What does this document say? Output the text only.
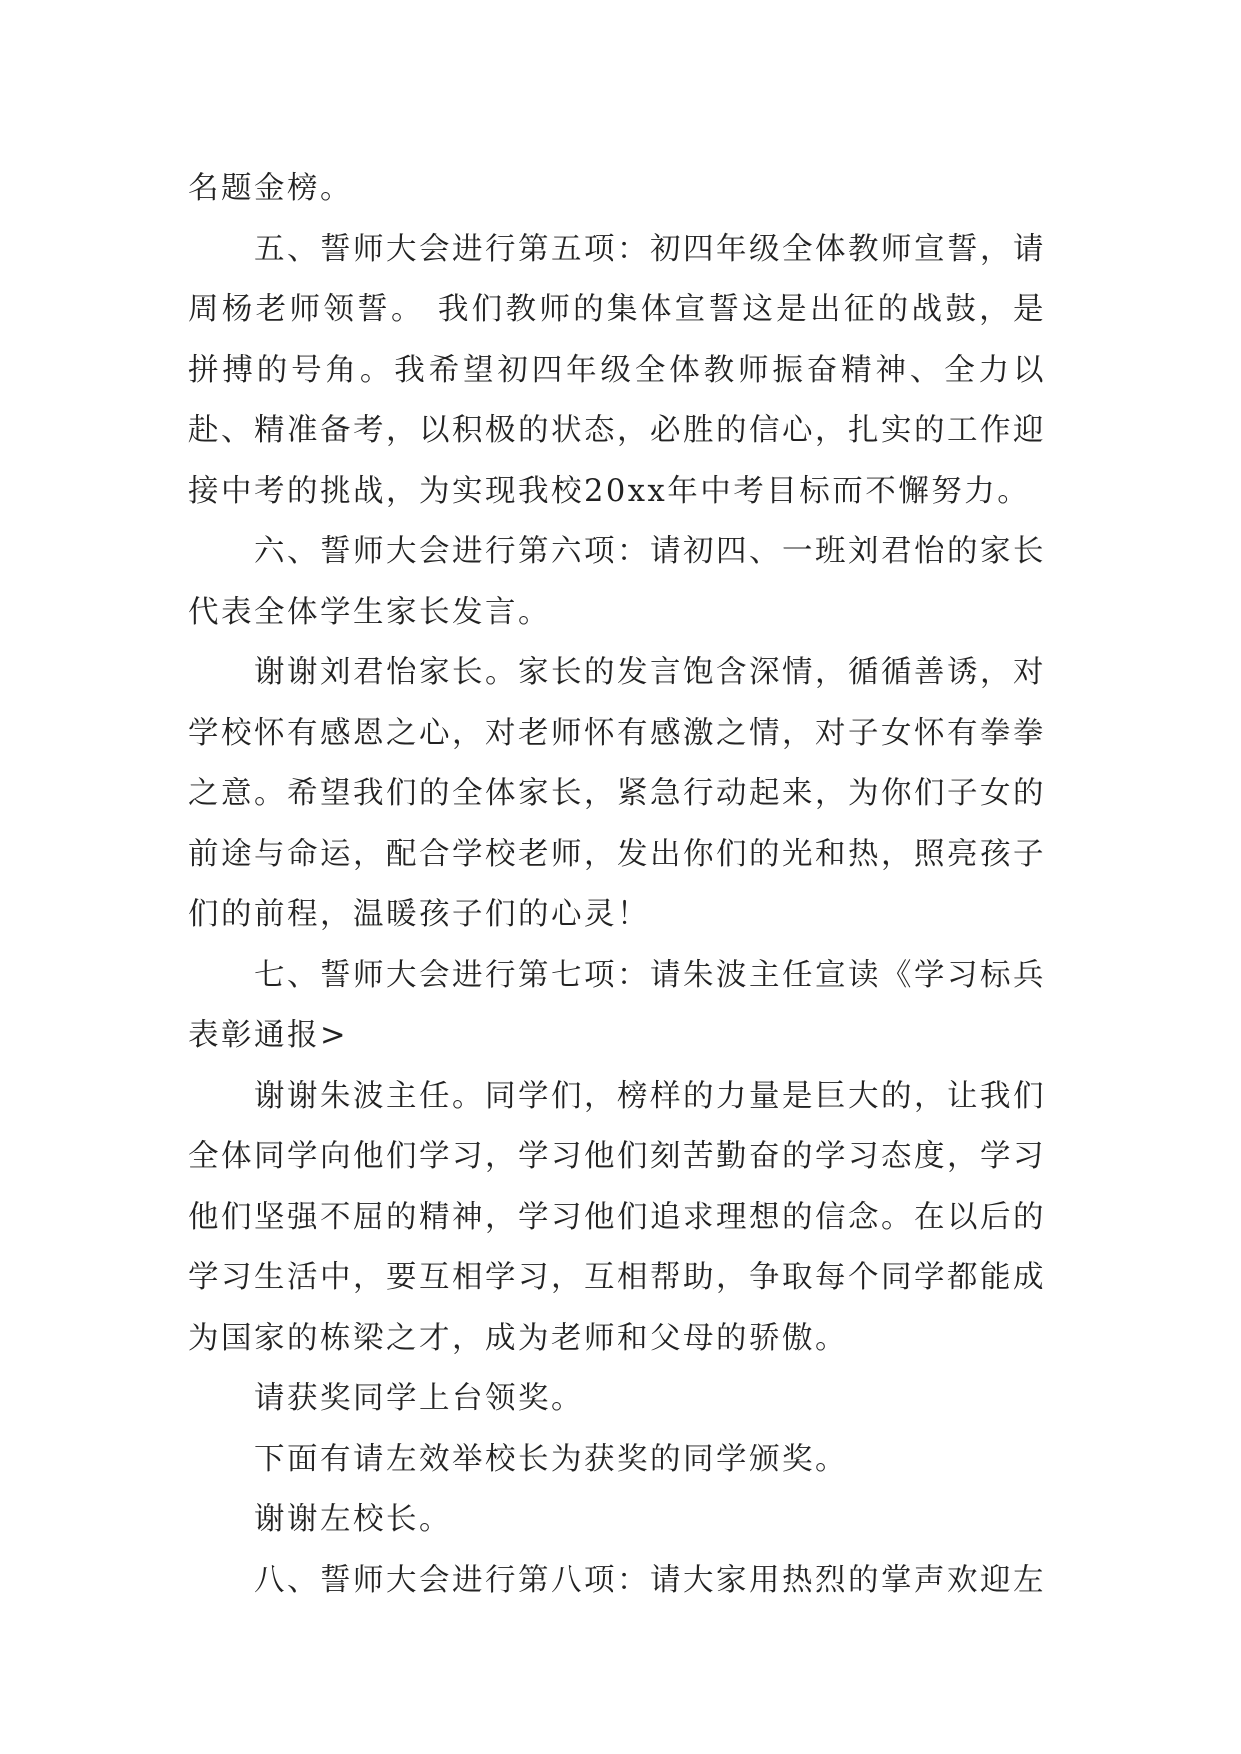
名题金榜。

五、誓师大会进行第五项：初四年级全体教师宣誓，请周杨老师领誓。 我们教师的集体宣誓这是出征的战鼓，是拼搏的号角。我希望初四年级全体教师振奋精神、全力以赴、精准备考，以积极的状态，必胜的信心，扎实的工作迎接中考的挑战，为实现我校20xx年中考目标而不懈努力。

六、誓师大会进行第六项：请初四、一班刘君怡的家长代表全体学生家长发言。

谢谢刘君怡家长。家长的发言饱含深情，循循善诱，对学校怀有感恩之心，对老师怀有感激之情，对子女怀有拳拳之意。希望我们的全体家长，紧急行动起来，为你们子女的前途与命运，配合学校老师，发出你们的光和热，照亮孩子们的前程，温暖孩子们的心灵！

七、誓师大会进行第七项：请朱波主任宣读《学习标兵表彰通报>

谢谢朱波主任。同学们，榜样的力量是巨大的，让我们全体同学向他们学习，学习他们刻苦勤奋的学习态度，学习他们坚强不屈的精神，学习他们追求理想的信念。在以后的学习生活中，要互相学习，互相帮助，争取每个同学都能成为国家的栋梁之才，成为老师和父母的骄傲。

请获奖同学上台领奖。

下面有请左效举校长为获奖的同学颁奖。

谢谢左校长。

八、誓师大会进行第八项：请大家用热烈的掌声欢迎左
